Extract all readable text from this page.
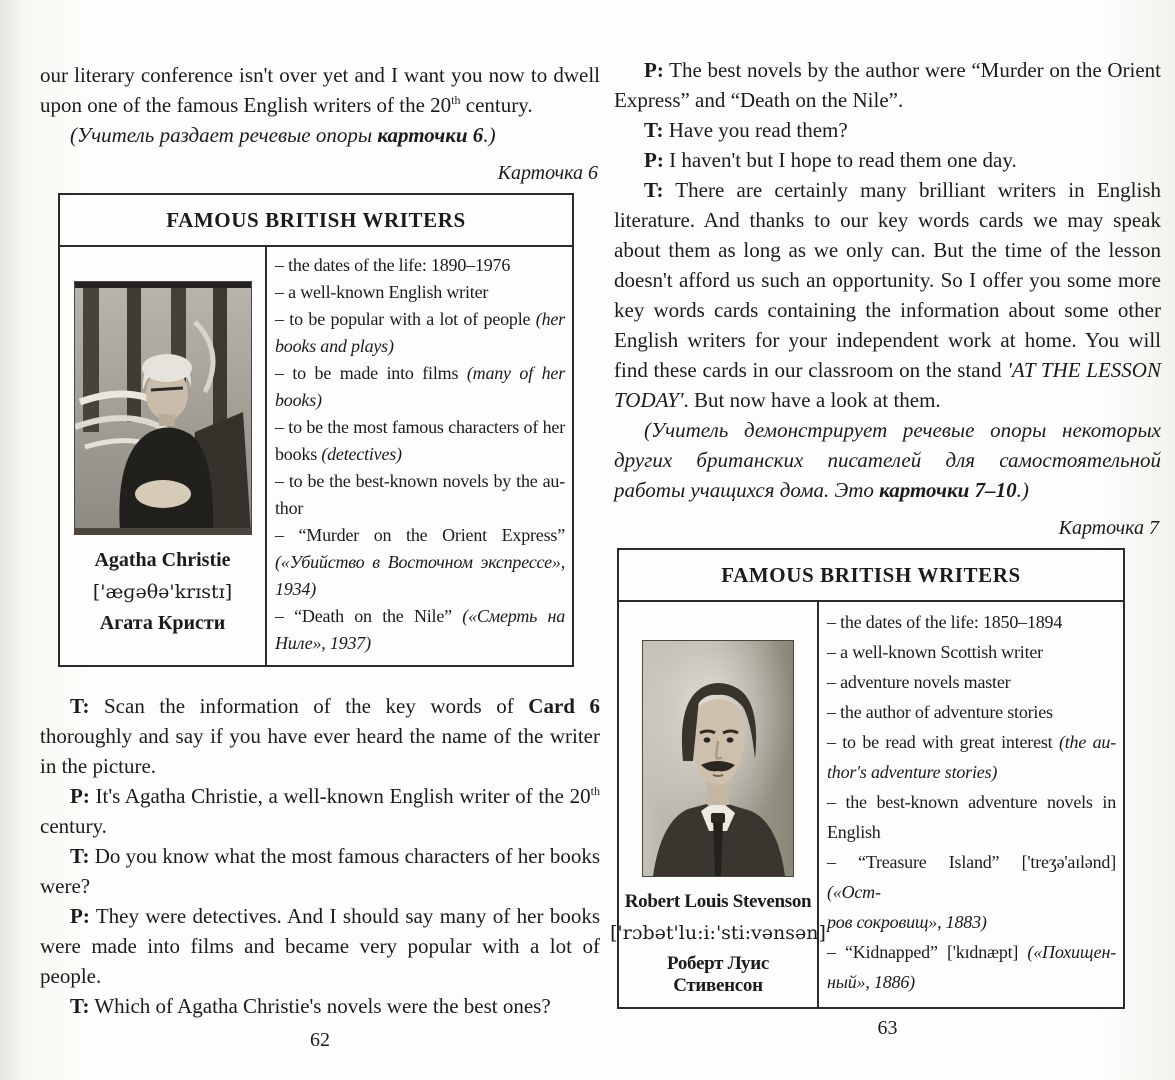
our literary conference isn't over yet and I want you now to dwell upon one of the famous English writers of the 20th century.

(Учитель раздает речевые опоры карточки 6.)

Карточка 6
FAMOUS BRITISH WRITERS
Agatha Christie
['æɡəθə'krɪstɪ]
Агата Кристи
– the dates of the life: 1890–1976
– a well-known English writer
– to be popular with a lot of people (her
books and plays)
– to be made into films (many of her
books)
– to be the most famous characters of her
books (detectives)
– to be the best-known novels by the au-
thor
– “Murder on the Orient Express”
(«Убийство в Восточном экспрессе»,
1934)
– “Death on the Nile” («Смерть на
Ниле», 1937)

T: Scan the information of the key words of Card 6 thoroughly and say if you have ever heard the name of the writer in the picture.

P: It's Agatha Christie, a well-known English writer of the 20th century.

T: Do you know what the most famous characters of her books were?

P: They were detectives. And I should say many of her books were made into films and became very popular with a lot of people.

T: Which of Agatha Christie's novels were the best ones?

62

P: The best novels by the author were “Murder on the Orient Express” and “Death on the Nile”.

T: Have you read them?

P: I haven't but I hope to read them one day.

T: There are certainly many brilliant writers in English literature. And thanks to our key words cards we may speak about them as long as we only can. But the time of the lesson doesn't afford us such an opportunity. So I offer you some more key words cards containing the information about some other English writers for your independent work at home. You will find these cards in our classroom on the stand 'AT THE LESSON TODAY'. But now have a look at them.

(Учитель демонстрирует речевые опоры некоторых других британских писателей для самостоятельной работы учащихся дома. Это карточки 7–10.)

Карточка 7
FAMOUS BRITISH WRITERS
Robert Louis Stevenson
['rɔbət'lu:i:'sti:vənsən]
Роберт Луис Стивенсон
– the dates of the life: 1850–1894
– a well-known Scottish writer
– adventure novels master
– the author of adventure stories
– to be read with great interest (the au-
thor's adventure stories)
– the best-known adventure novels in
English
– “Treasure Island” ['treʒə'aɪlənd] («Ост-
ров сокровищ», 1883)
– “Kidnapped” ['kɪdnæpt] («Похищен-
ный», 1886)
63
